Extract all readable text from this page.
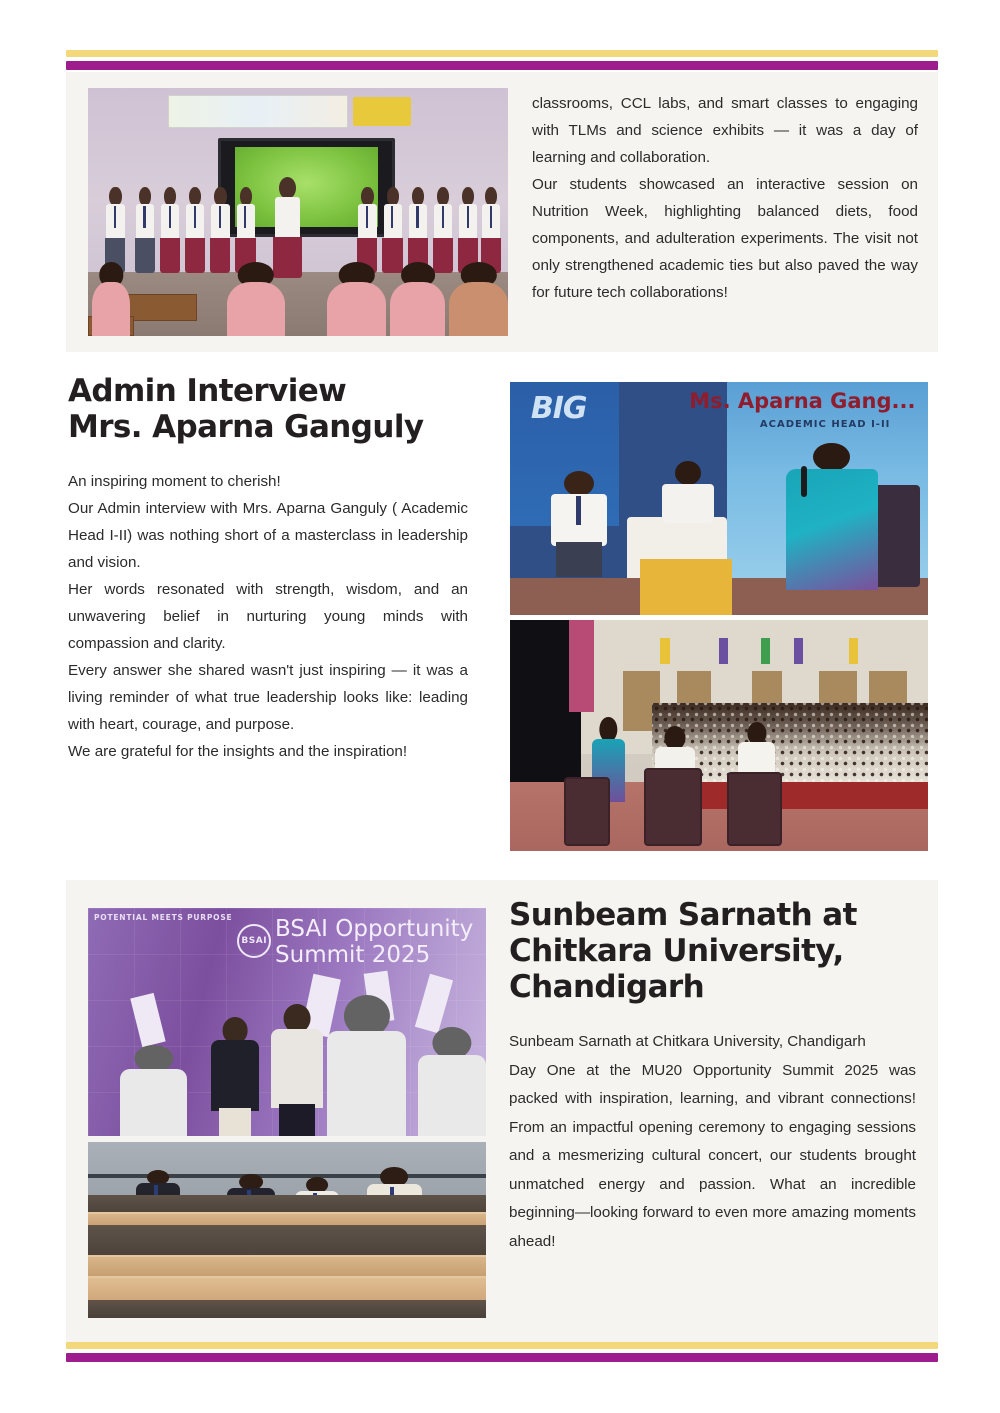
classrooms, CCL labs, and smart classes to engaging with TLMs and science exhibits — it was a day of learning and collaboration.

Our students showcased an interactive session on Nutrition Week, highlighting balanced diets, food components, and adulteration experiments. The visit not only strengthened academic ties but also paved the way for future tech collaborations!

Admin Interview
Mrs. Aparna Ganguly

An inspiring moment to cherish!

Our Admin interview with Mrs. Aparna Ganguly ( Academic Head I-II) was nothing short of a masterclass in leadership and vision.

Her words resonated with strength, wisdom, and an unwavering belief in nurturing young minds with compassion and clarity.

Every answer she shared wasn't just inspiring — it was a living reminder of what true leadership looks like: leading with heart, courage, and purpose.

We are grateful for the insights and the inspiration!

BIG	Ms. Aparna Gang...
ACADEMIC HEAD I-II
POTENTIAL MEETS PURPOSE
BSAI BSAI Opportunity
Summit 2025
Sunbeam Sarnath at
Chitkara University,
Chandigarh

Sunbeam Sarnath at Chitkara University, Chandigarh

Day One at the MU20 Opportunity Summit 2025 was packed with inspiration, learning, and vibrant connections! From an impactful opening ceremony to engaging sessions and a mesmerizing cultural concert, our students brought unmatched energy and passion. What an incredible beginning—looking forward to even more amazing moments ahead!
